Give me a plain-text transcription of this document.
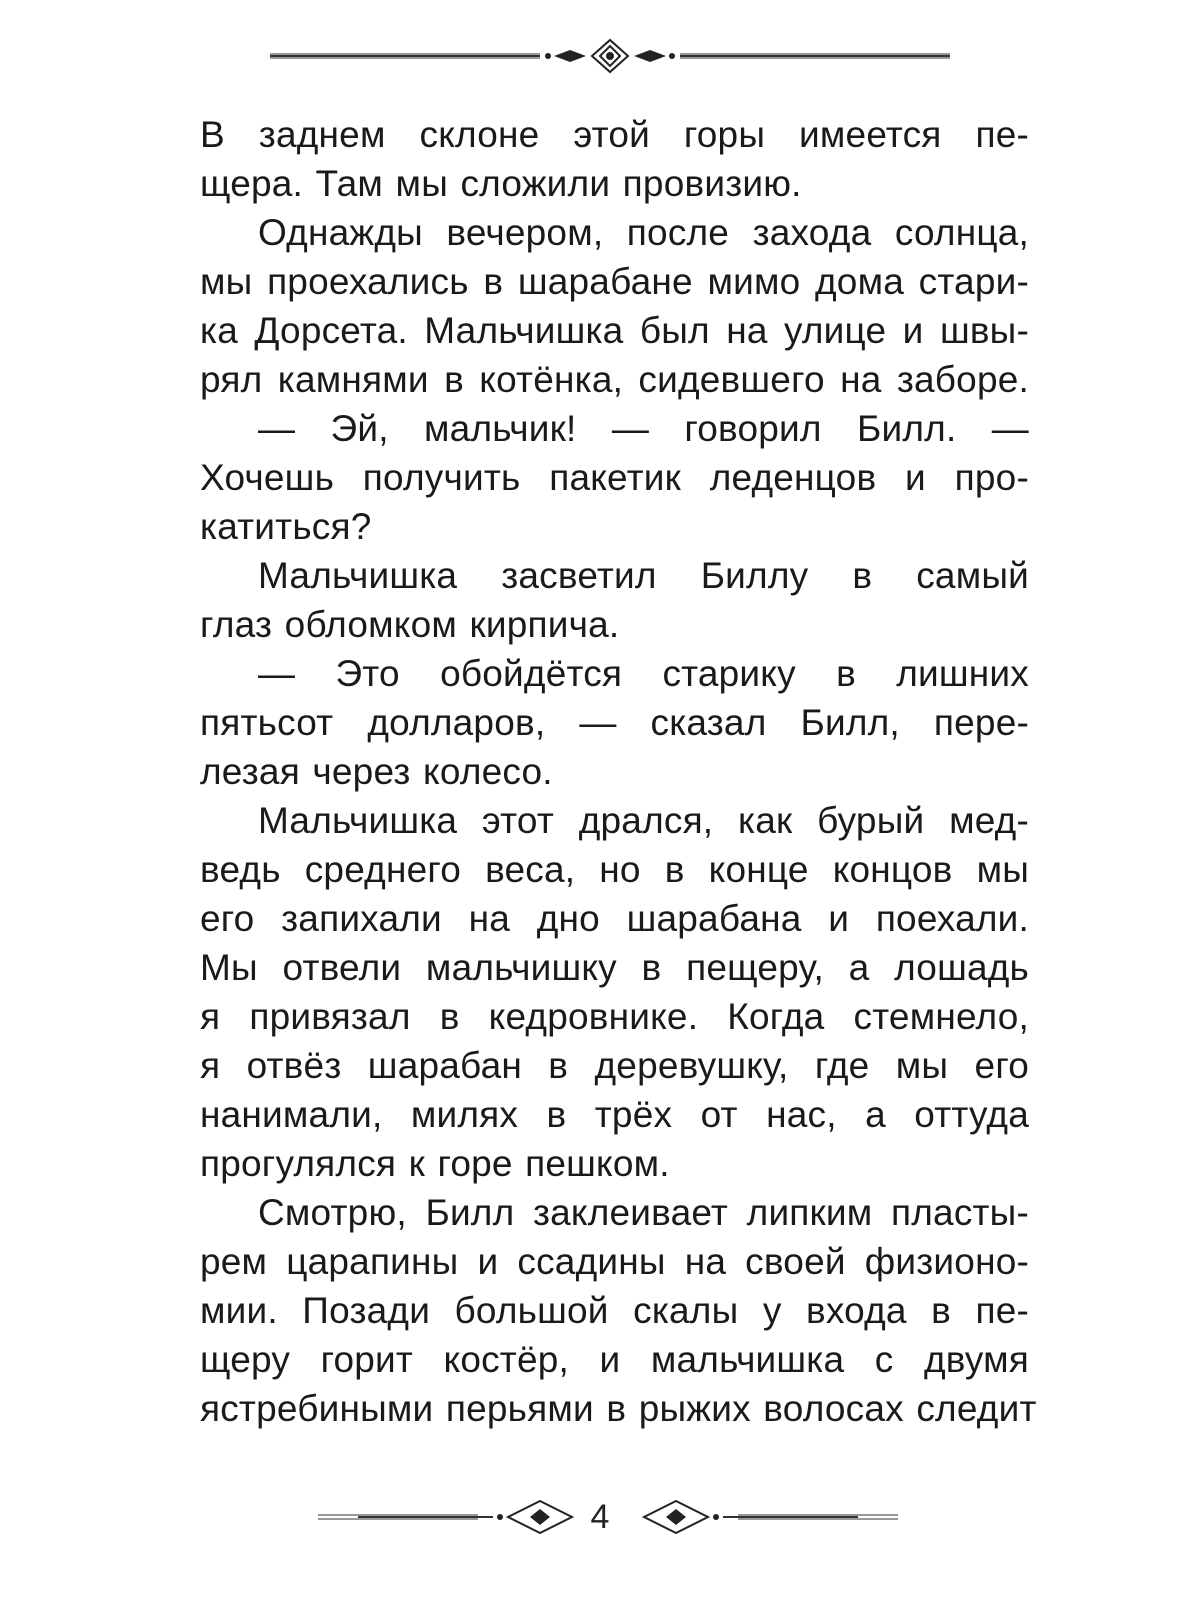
В заднем склоне этой горы имеется пе-
щера. Там мы сложили провизию.
Однажды вечером, после захода солнца,
мы проехались в шарабане мимо дома стари-
ка Дорсета. Мальчишка был на улице и швы-
рял камнями в котёнка, сидевшего на заборе.
— Эй, мальчик! — говорил Билл. —
Хочешь получить пакетик леденцов и про-
катиться?
Мальчишка засветил Биллу в самый
глаз обломком кирпича.
— Это обойдётся старику в лишних
пятьсот долларов, — сказал Билл, пере-
лезая через колесо.
Мальчишка этот дрался, как бурый мед-
ведь среднего веса, но в конце концов мы
его запихали на дно шарабана и поехали.
Мы отвели мальчишку в пещеру, а лошадь
я привязал в кедровнике. Когда стемнело,
я отвёз шарабан в деревушку, где мы его
нанимали, милях в трёх от нас, а оттуда
прогулялся к горе пешком.
Смотрю, Билл заклеивает липким пласты-
рем царапины и ссадины на своей физионо-
мии. Позади большой скалы у входа в пе-
щеру горит костёр, и мальчишка с двумя
ястребиными перьями в рыжих волосах следит
4
